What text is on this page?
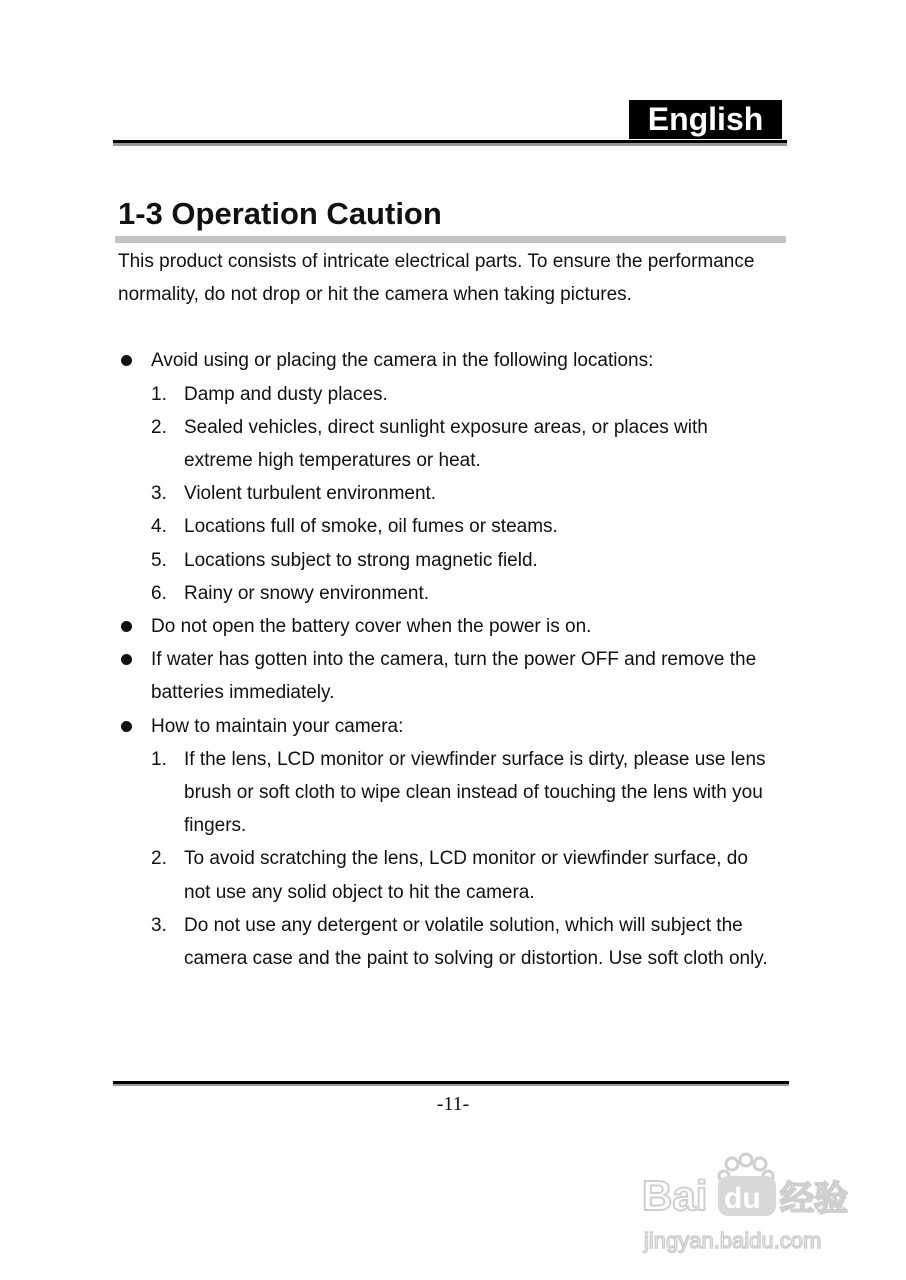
English
1-3 Operation Caution

This product consists of intricate electrical parts. To ensure the performance normality, do not drop or hit the camera when taking pictures.

Avoid using or placing the camera in the following locations:
1. Damp and dusty places.
2. Sealed vehicles, direct sunlight exposure areas, or places with extreme high temperatures or heat.
3. Violent turbulent environment.
4. Locations full of smoke, oil fumes or steams.
5. Locations subject to strong magnetic field.
6. Rainy or snowy environment.
Do not open the battery cover when the power is on.
If water has gotten into the camera, turn the power OFF and remove the batteries immediately.
How to maintain your camera:
1. If the lens, LCD monitor or viewfinder surface is dirty, please use lens brush or soft cloth to wipe clean instead of touching the lens with you fingers.
2. To avoid scratching the lens, LCD monitor or viewfinder surface, do not use any solid object to hit the camera.
3. Do not use any detergent or volatile solution, which will subject the camera case and the paint to solving or distortion. Use soft cloth only.
-11-
Bai du 经验
jingyan.baidu.com
